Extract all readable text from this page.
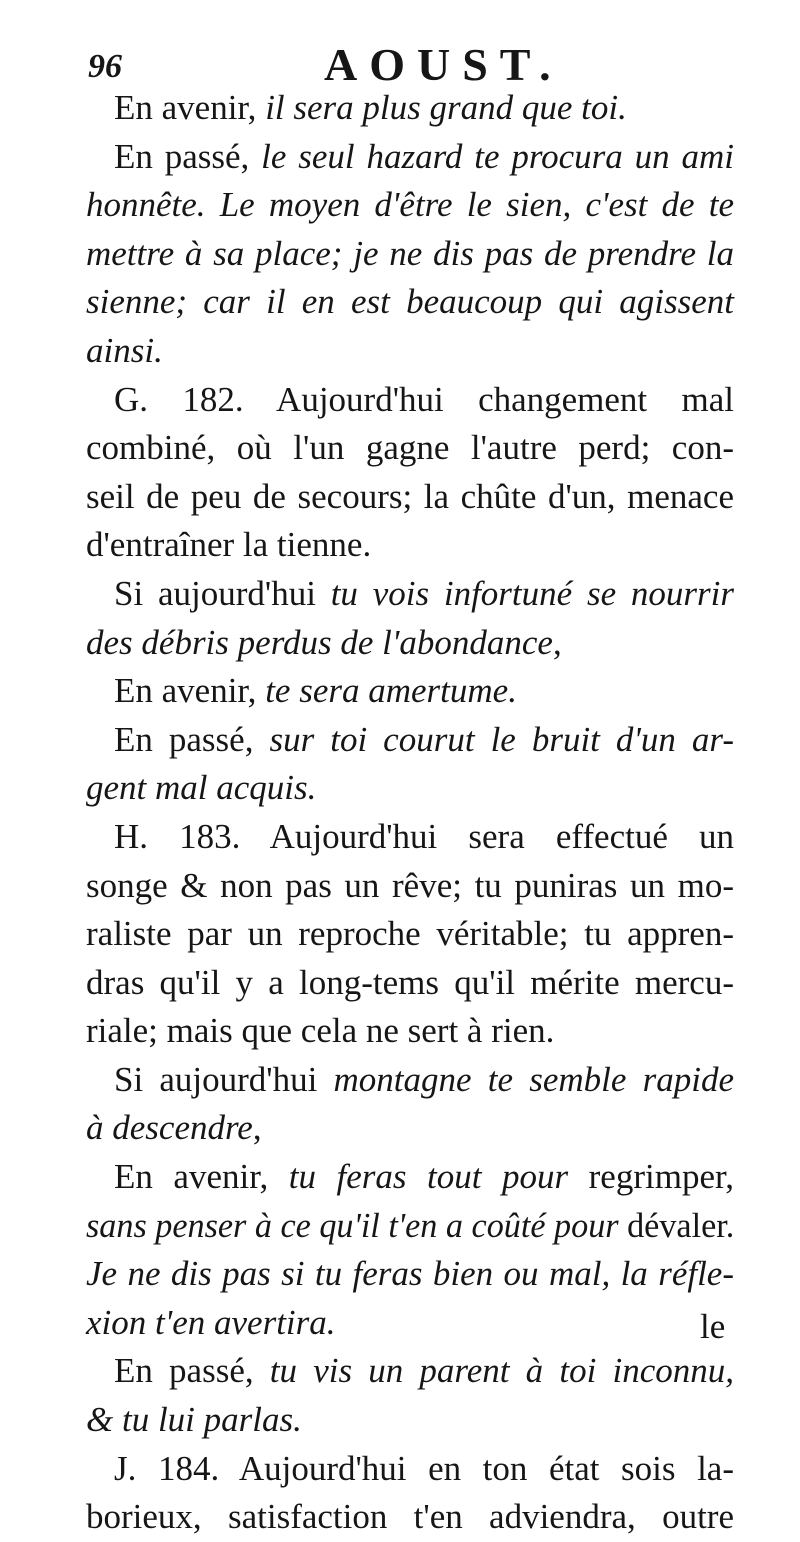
96	AOUST.
En avenir, il sera plus grand que toi.
En passé, le seul hazard te procura un ami
honnête. Le moyen d'être le sien, c'est de te
mettre à sa place; je ne dis pas de prendre la
sienne; car il en est beaucoup qui agissent
ainsi.
G. 182. Aujourd'hui changement mal
combiné, où l'un gagne l'autre perd; con-
seil de peu de secours; la chûte d'un, menace
d'entraîner la tienne.
Si aujourd'hui tu vois infortuné se nourrir
des débris perdus de l'abondance,
En avenir, te sera amertume.
En passé, sur toi courut le bruit d'un ar-
gent mal acquis.
H. 183. Aujourd'hui sera effectué un
songe & non pas un rêve; tu puniras un mo-
raliste par un reproche véritable; tu appren-
dras qu'il y a long-tems qu'il mérite mercu-
riale; mais que cela ne sert à rien.
Si aujourd'hui montagne te semble rapide
à descendre,
En avenir, tu feras tout pour regrimper,
sans penser à ce qu'il t'en a coûté pour dévaler.
Je ne dis pas si tu feras bien ou mal, la réfle-
xion t'en avertira.
En passé, tu vis un parent à toi inconnu,
& tu lui parlas.
J. 184. Aujourd'hui en ton état sois la-
borieux, satisfaction t'en adviendra, outre
le
